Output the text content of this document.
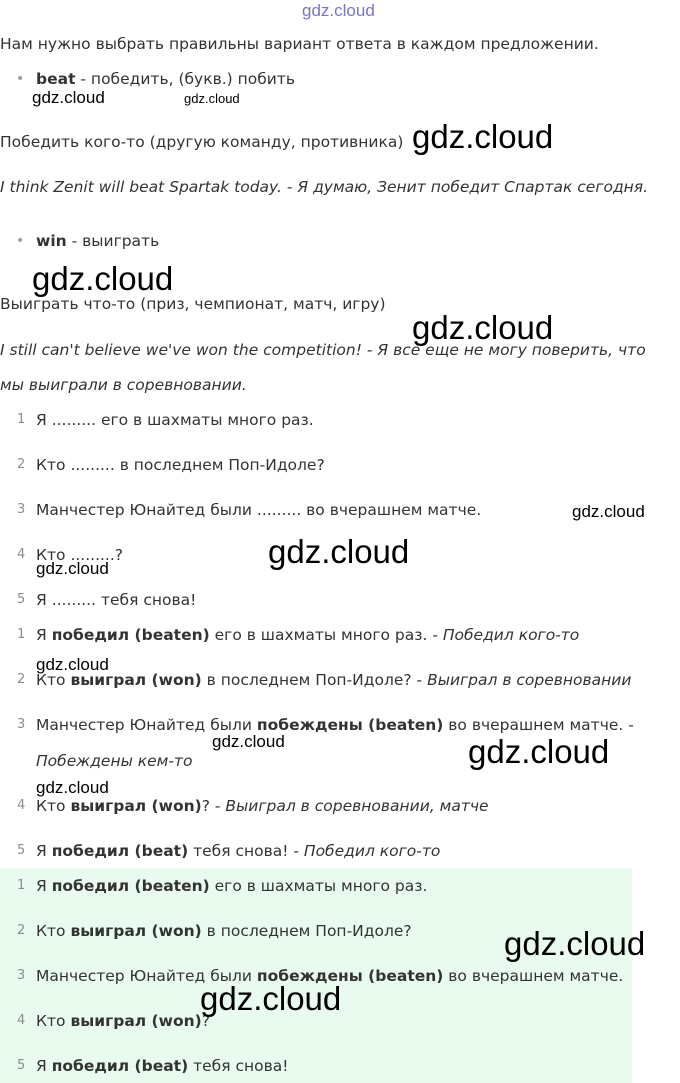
gdz.cloud
gdz.cloud	gdz.cloud
gdz.cloud
gdz.cloud
gdz.cloud
gdz.cloud
gdz.cloud
gdz.cloud
gdz.cloud
gdz.cloud	gdz.cloud
gdz.cloud
gdz.cloud
gdz.cloud
Нам нужно выбрать правильны вариант ответа в каждом предложении.
• beat - победить, (букв.) побить
Победить кого-то (другую команду, противника)
I think Zenit will beat Spartak today. - Я думаю, Зенит победит Спартак сегодня.
• win - выиграть
Выиграть что-то (приз, чемпионат, матч, игру)
I still can't believe we've won the competition! - Я все еще не могу поверить, что
мы выиграли в соревновании.
1 Я ......... его в шахматы много раз.
2 Кто ......... в последнем Поп-Идоле?
3 Манчестер Юнайтед были ......... во вчерашнем матче.
4 Кто .........?
5 Я ......... тебя снова!
1 Я победил (beaten) его в шахматы много раз. - Победил кого-то
2 Кто выиграл (won) в последнем Поп-Идоле? - Выиграл в соревновании
3 Манчестер Юнайтед были побеждены (beaten) во вчерашнем матче. -
Побеждены кем-то
4 Кто выиграл (won)? - Выиграл в соревновании, матче
5 Я победил (beat) тебя снова! - Победил кого-то
1 Я победил (beaten) его в шахматы много раз.
2 Кто выиграл (won) в последнем Поп-Идоле?
3 Манчестер Юнайтед были побеждены (beaten) во вчерашнем матче.
4 Кто выиграл (won)?
5 Я победил (beat) тебя снова!
